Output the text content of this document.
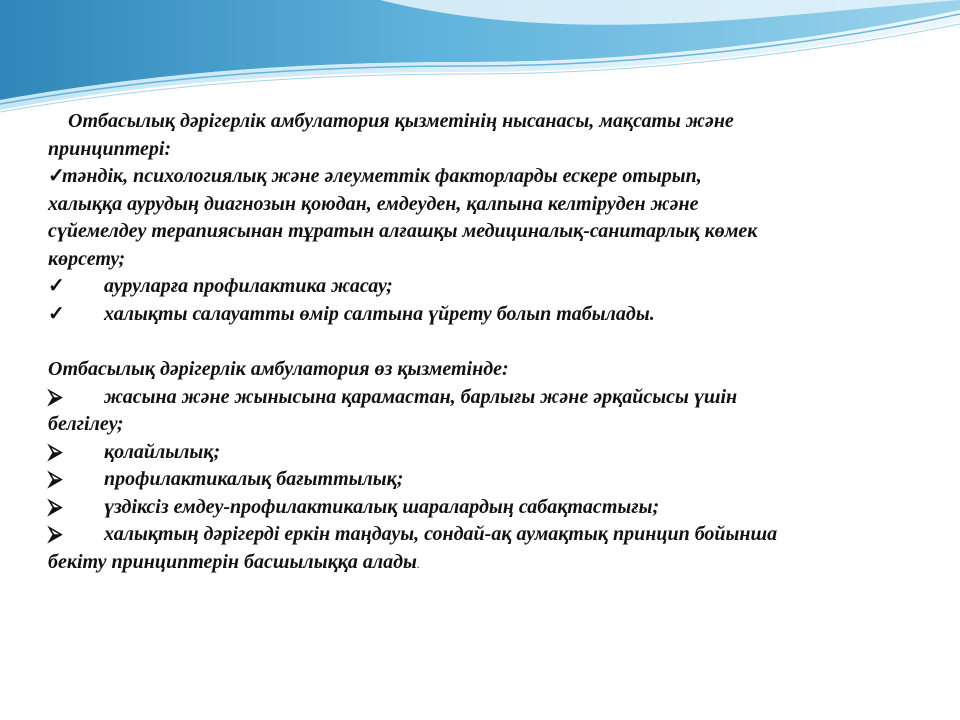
Отбасылық дәрігерлік амбулатория қызметінің нысанасы, мақсаты және
принциптері:
✓тәндік, психологиялық және әлеуметтік факторларды ескере отырып,
халыққа аурудың диагнозын қоюдан, емдеуден, қалпына келтіруден және
сүйемелдеу терапиясынан тұратын алғашқы медициналық-санитарлық көмек
көрсету;
✓ ауруларға профилактика жасау;
✓ халықты салауатты өмір салтына үйрету болып табылады.
Отбасылық дәрігерлік амбулатория өз қызметінде:
⮚ жасына және жынысына қарамастан, барлығы және әрқайсысы үшін
белгілеу;
⮚ қолайлылық;
⮚ профилактикалық бағыттылық;
⮚ үздіксіз емдеу-профилактикалық шаралардың сабақтастығы;
⮚ халықтың дәрігерді еркін таңдауы, сондай-ақ аумақтық принцип бойынша
бекіту принциптерін басшылыққа алады.
